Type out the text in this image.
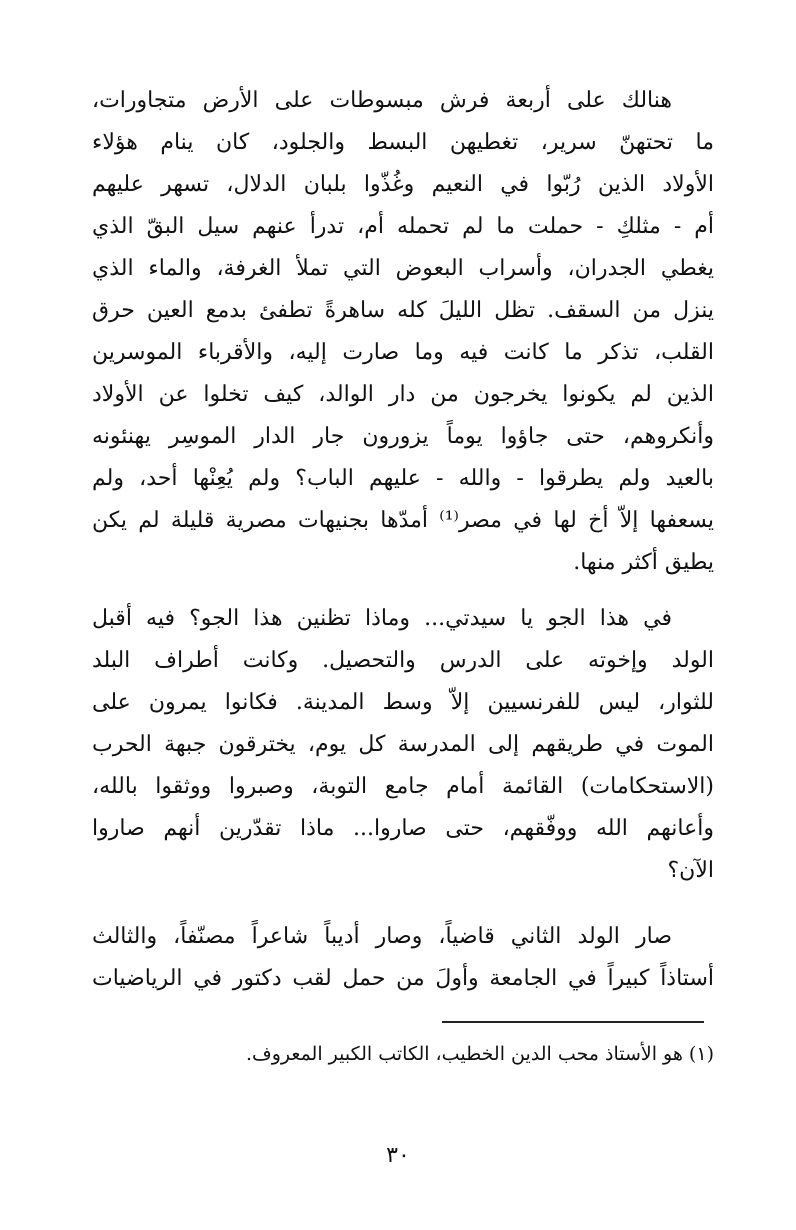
هنالك على أربعة فرش مبسوطات على الأرض متجاورات،
ما تحتهنّ سرير، تغطيهن البسط والجلود، كان ينام هؤلاء
الأولاد الذين رُبّوا في النعيم وغُذّوا بلبان الدلال، تسهر عليهم
أم - مثلكِ - حملت ما لم تحمله أم، تدرأ عنهم سيل البقّ الذي
يغطي الجدران، وأسراب البعوض التي تملأ الغرفة، والماء الذي
ينزل من السقف. تظل الليلَ كله ساهرةً تطفئ بدمع العين حرق
القلب، تذكر ما كانت فيه وما صارت إليه، والأقرباء الموسرين
الذين لم يكونوا يخرجون من دار الوالد، كيف تخلوا عن الأولاد
وأنكروهم، حتى جاؤوا يوماً يزورون جار الدار الموسِر يهنئونه
بالعيد ولم يطرقوا - والله - عليهم الباب؟ ولم يُعِنْها أحد، ولم
يسعفها إلاّ أخ لها في مصر⁽¹⁾ أمدّها بجنيهات مصرية قليلة لم يكن
يطيق أكثر منها.
في هذا الجو يا سيدتي... وماذا تظنين هذا الجو؟ فيه أقبل
الولد وإخوته على الدرس والتحصيل. وكانت أطراف البلد
للثوار، ليس للفرنسيين إلاّ وسط المدينة. فكانوا يمرون على
الموت في طريقهم إلى المدرسة كل يوم، يخترقون جبهة الحرب
(الاستحكامات) القائمة أمام جامع التوبة، وصبروا ووثقوا بالله،
وأعانهم الله ووفّقهم، حتى صاروا... ماذا تقدّرين أنهم صاروا
الآن؟
صار الولد الثاني قاضياً، وصار أديباً شاعراً مصنّفاً، والثالث
أستاذاً كبيراً في الجامعة وأولَ من حمل لقب دكتور في الرياضيات
(١) هو الأستاذ محب الدين الخطيب، الكاتب الكبير المعروف.
٣٠
